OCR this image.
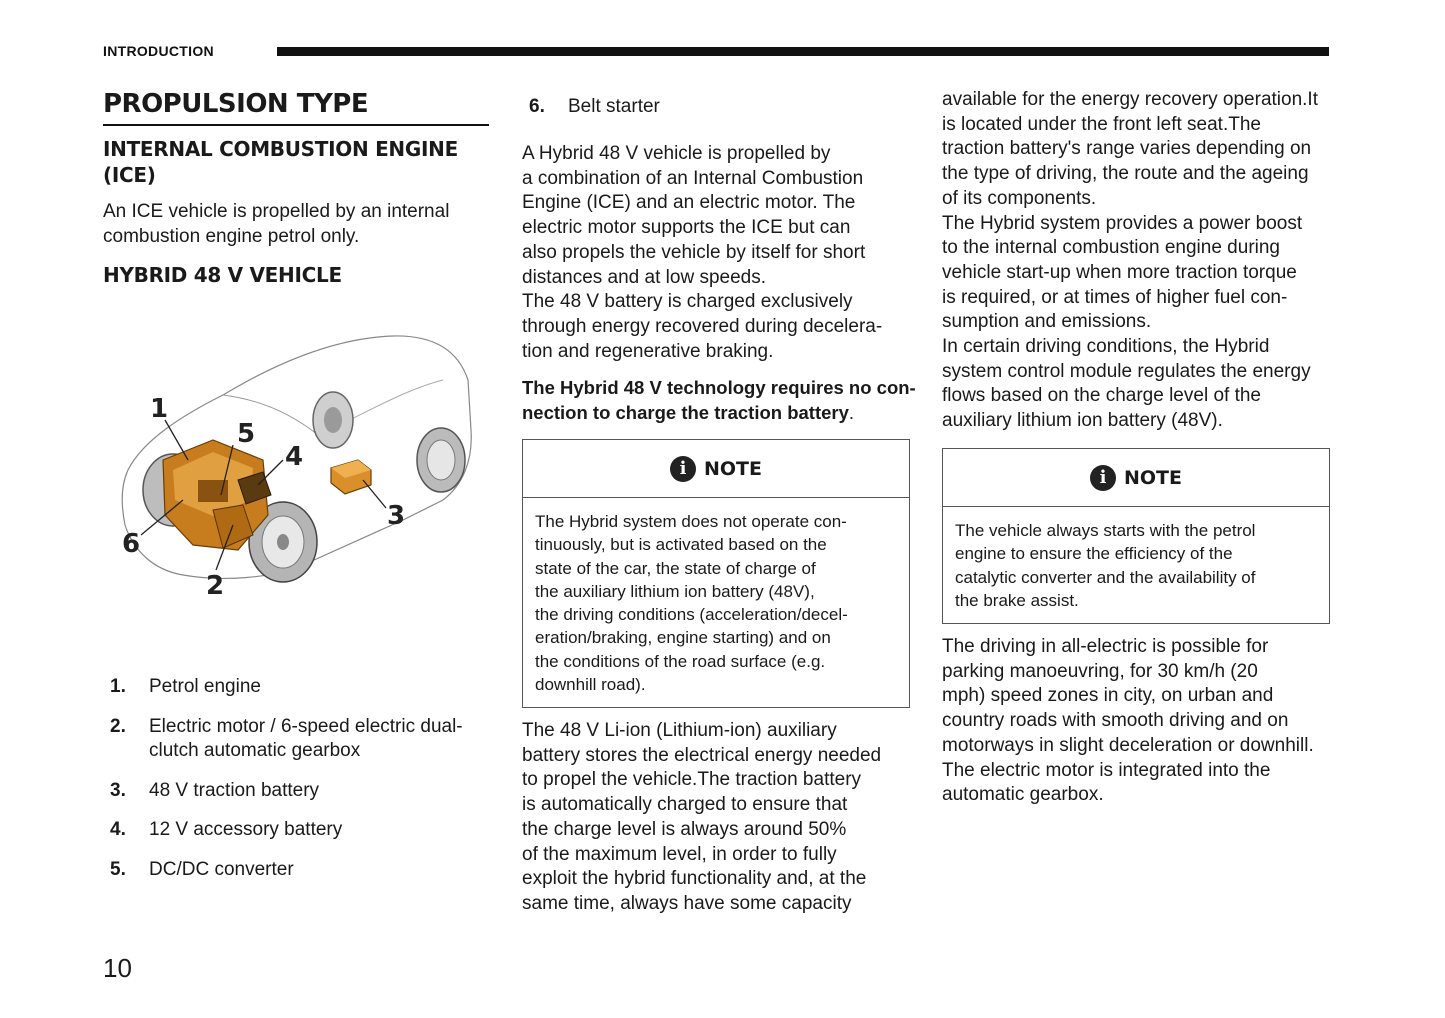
INTRODUCTION
PROPULSION TYPE
INTERNAL COMBUSTION ENGINE
(ICE)

An ICE vehicle is propelled by an internal

combustion engine petrol only.

HYBRID 48 V VEHICLE
1
2
3
4
5
6
1.	Petrol engine
2.	Electric motor / 6-speed electric dual-clutch automatic gearbox
3.	48 V traction battery
4.	12 V accessory battery
5.	DC/DC converter
6.	Belt starter

A Hybrid 48 V vehicle is propelled by

a combination of an Internal Combustion

Engine (ICE) and an electric motor. The

electric motor supports the ICE but can

also propels the vehicle by itself for short

distances and at low speeds.

The 48 V battery is charged exclusively

through energy recovered during decelera-

tion and regenerative braking.

The Hybrid 48 V technology requires no con-

nection to charge the traction battery.

i NOTE
The Hybrid system does not operate con-
tinuously, but is activated based on the
state of the car, the state of charge of
the auxiliary lithium ion battery (48V),
the driving conditions (acceleration/decel-
eration/braking, engine starting) and on
the conditions of the road surface (e.g.
downhill road).

The 48 V Li-ion (Lithium-ion) auxiliary

battery stores the electrical energy needed

to propel the vehicle.The traction battery

is automatically charged to ensure that

the charge level is always around 50%

of the maximum level, in order to fully

exploit the hybrid functionality and, at the

same time, always have some capacity

available for the energy recovery operation.It

is located under the front left seat.The

traction battery's range varies depending on

the type of driving, the route and the ageing

of its components.

The Hybrid system provides a power boost

to the internal combustion engine during

vehicle start-up when more traction torque

is required, or at times of higher fuel con-

sumption and emissions.

In certain driving conditions, the Hybrid

system control module regulates the energy

flows based on the charge level of the

auxiliary lithium ion battery (48V).

i NOTE
The vehicle always starts with the petrol
engine to ensure the efficiency of the
catalytic converter and the availability of
the brake assist.

The driving in all-electric is possible for

parking manoeuvring, for 30 km/h (20

mph) speed zones in city, on urban and

country roads with smooth driving and on

motorways in slight deceleration or downhill.

The electric motor is integrated into the

automatic gearbox.

10
